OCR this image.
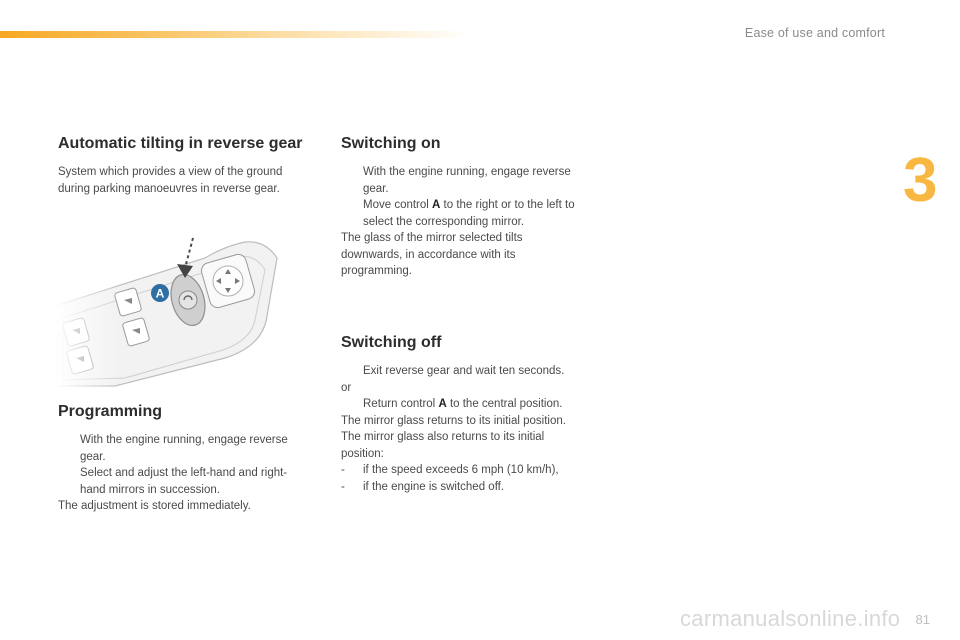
Ease of use and comfort
3
Automatic tilting in reverse gear

System which provides a view of the ground

during parking manoeuvres in reverse gear.

Programming

With the engine running, engage reverse

gear.

Select and adjust the left-hand and right-

hand mirrors in succession.

The adjustment is stored immediately.

Switching on

With the engine running, engage reverse

gear.

Move control A to the right or to the left to

select the corresponding mirror.

The glass of the mirror selected tilts

downwards, in accordance with its

programming.

Switching off

Exit reverse gear and wait ten seconds.

or

Return control A to the central position.

The mirror glass returns to its initial position.

The mirror glass also returns to its initial

position:

- if the speed exceeds 6 mph (10 km/h),

- if the engine is switched off.

carmanualsonline.info 81
